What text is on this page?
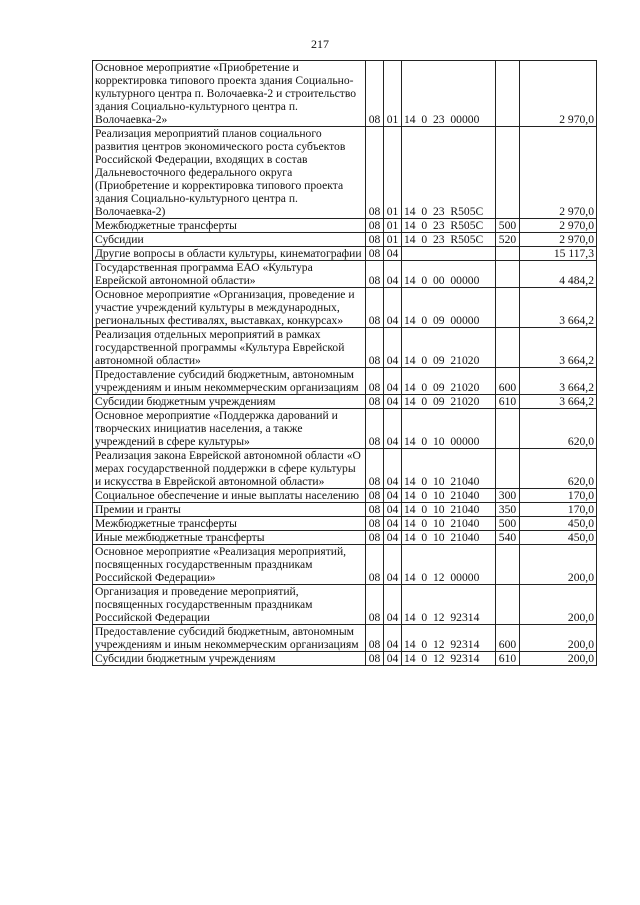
217
Основное мероприятие «Приобретение и корректировка типового проекта здания Социально-культурного центра п. Волочаевка-2 и строительство здания Социально-культурного центра п. Волочаевка-2»	08	01	14  0  23  00000		2 970,0
Реализация мероприятий планов социального развития центров экономического роста субъектов Российской Федерации, входящих в состав Дальневосточного федерального округа (Приобретение и корректировка типового проекта здания Социально-культурного центра п. Волочаевка-2)	08	01	14  0  23  R505C		2 970,0
Межбюджетные трансферты	08	01	14  0  23  R505C	500	2 970,0
Субсидии	08	01	14  0  23  R505C	520	2 970,0
Другие вопросы в области культуры, кинематографии	08	04			15 117,3
Государственная программа ЕАО «Культура Еврейской автономной области»	08	04	14  0  00  00000		4 484,2
Основное мероприятие «Организация, проведение и участие учреждений культуры в международных, региональных фестивалях, выставках, конкурсах»	08	04	14  0  09  00000		3 664,2
Реализация отдельных мероприятий в рамках государственной программы «Культура Еврейской автономной области»	08	04	14  0  09  21020		3 664,2
Предоставление субсидий бюджетным, автономным учреждениям и иным некоммерческим организациям	08	04	14  0  09  21020	600	3 664,2
Субсидии бюджетным учреждениям	08	04	14  0  09  21020	610	3 664,2
Основное мероприятие «Поддержка дарований и творческих инициатив населения, а также учреждений в сфере культуры»	08	04	14  0  10  00000		620,0
Реализация закона Еврейской автономной области «О мерах государственной поддержки в сфере культуры и искусства в Еврейской автономной области»	08	04	14  0  10  21040		620,0
Социальное обеспечение и иные выплаты населению	08	04	14  0  10  21040	300	170,0
Премии и гранты	08	04	14  0  10  21040	350	170,0
Межбюджетные трансферты	08	04	14  0  10  21040	500	450,0
Иные межбюджетные трансферты	08	04	14  0  10  21040	540	450,0
Основное мероприятие «Реализация мероприятий, посвященных государственным праздникам Российской Федерации»	08	04	14  0  12  00000		200,0
Организация и проведение мероприятий, посвященных государственным праздникам Российской Федерации	08	04	14  0  12  92314		200,0
Предоставление субсидий бюджетным, автономным учреждениям и иным некоммерческим организациям	08	04	14  0  12  92314	600	200,0
Субсидии бюджетным учреждениям	08	04	14  0  12  92314	610	200,0
